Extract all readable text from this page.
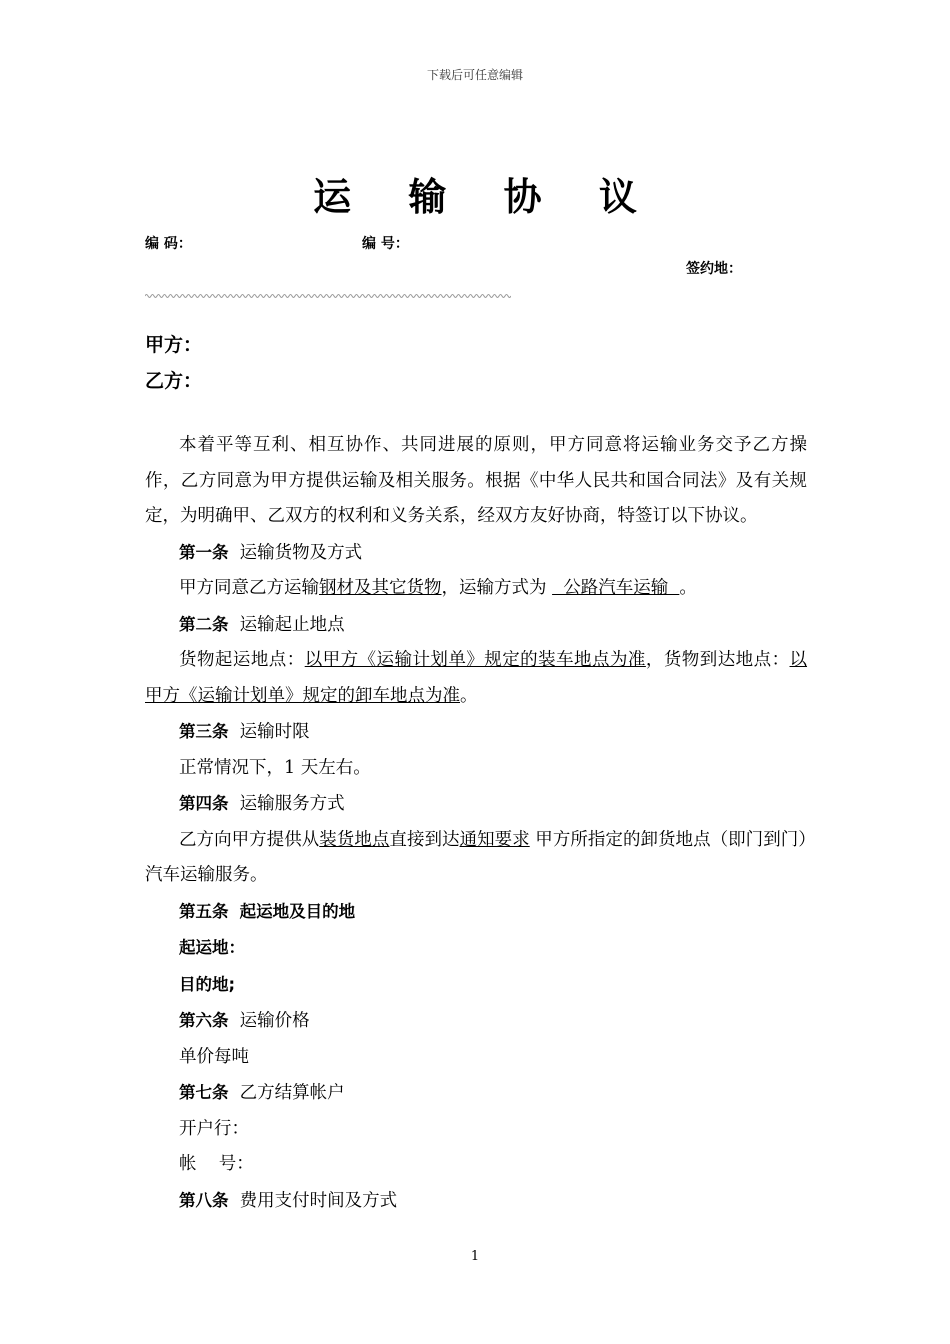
下载后可任意编辑
运 输 协 议
编 码：	编 号：
签约地：
甲方：
乙方：

本着平等互利、相互协作、共同进展的原则，甲方同意将运输业务交予乙方操作，乙方同意为甲方提供运输及相关服务。根据《中华人民共和国合同法》及有关规定，为明确甲、乙双方的权利和义务关系，经双方友好协商，特签订以下协议。

第一条 运输货物及方式

甲方同意乙方运输钢材及其它货物，运输方式为   公路汽车运输  。

第二条 运输起止地点

货物起运地点：以甲方《运输计划单》规定的装车地点为准，货物到达地点：以甲方《运输计划单》规定的卸车地点为准。

第三条 运输时限

正常情况下，1 天左右。

第四条 运输服务方式

乙方向甲方提供从装货地点直接到达通知要求 甲方所指定的卸货地点（即门到门）汽车运输服务。

第五条 起运地及目的地

起运地：

目的地;

第六条 运输价格

单价每吨

第七条 乙方结算帐户

开户行：

帐    号：

第八条 费用支付时间及方式

1
